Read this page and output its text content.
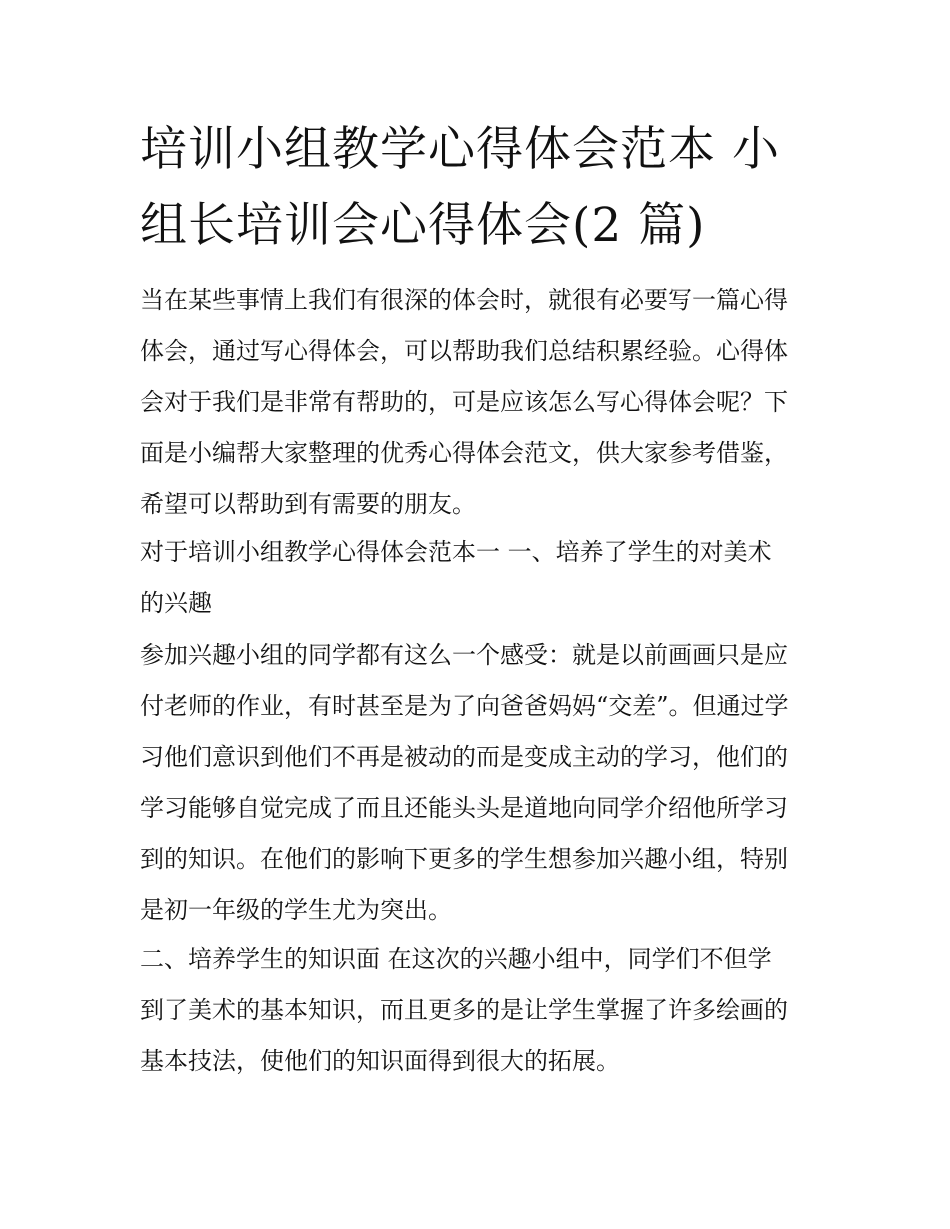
培训小组教学心得体会范本 小
组长培训会心得体会(2 篇)

当在某些事情上我们有很深的体会时，就很有必要写一篇心得
体会，通过写心得体会，可以帮助我们总结积累经验。心得体
会对于我们是非常有帮助的，可是应该怎么写心得体会呢？下
面是小编帮大家整理的优秀心得体会范文，供大家参考借鉴，
希望可以帮助到有需要的朋友。

对于培训小组教学心得体会范本一 一、培养了学生的对美术
的兴趣

参加兴趣小组的同学都有这么一个感受：就是以前画画只是应
付老师的作业，有时甚至是为了向爸爸妈妈“交差”。但通过学
习他们意识到他们不再是被动的而是变成主动的学习，他们的
学习能够自觉完成了而且还能头头是道地向同学介绍他所学习
到的知识。在他们的影响下更多的学生想参加兴趣小组，特别
是初一年级的学生尤为突出。

二、培养学生的知识面 在这次的兴趣小组中，同学们不但学
到了美术的基本知识，而且更多的是让学生掌握了许多绘画的
基本技法，使他们的知识面得到很大的拓展。
